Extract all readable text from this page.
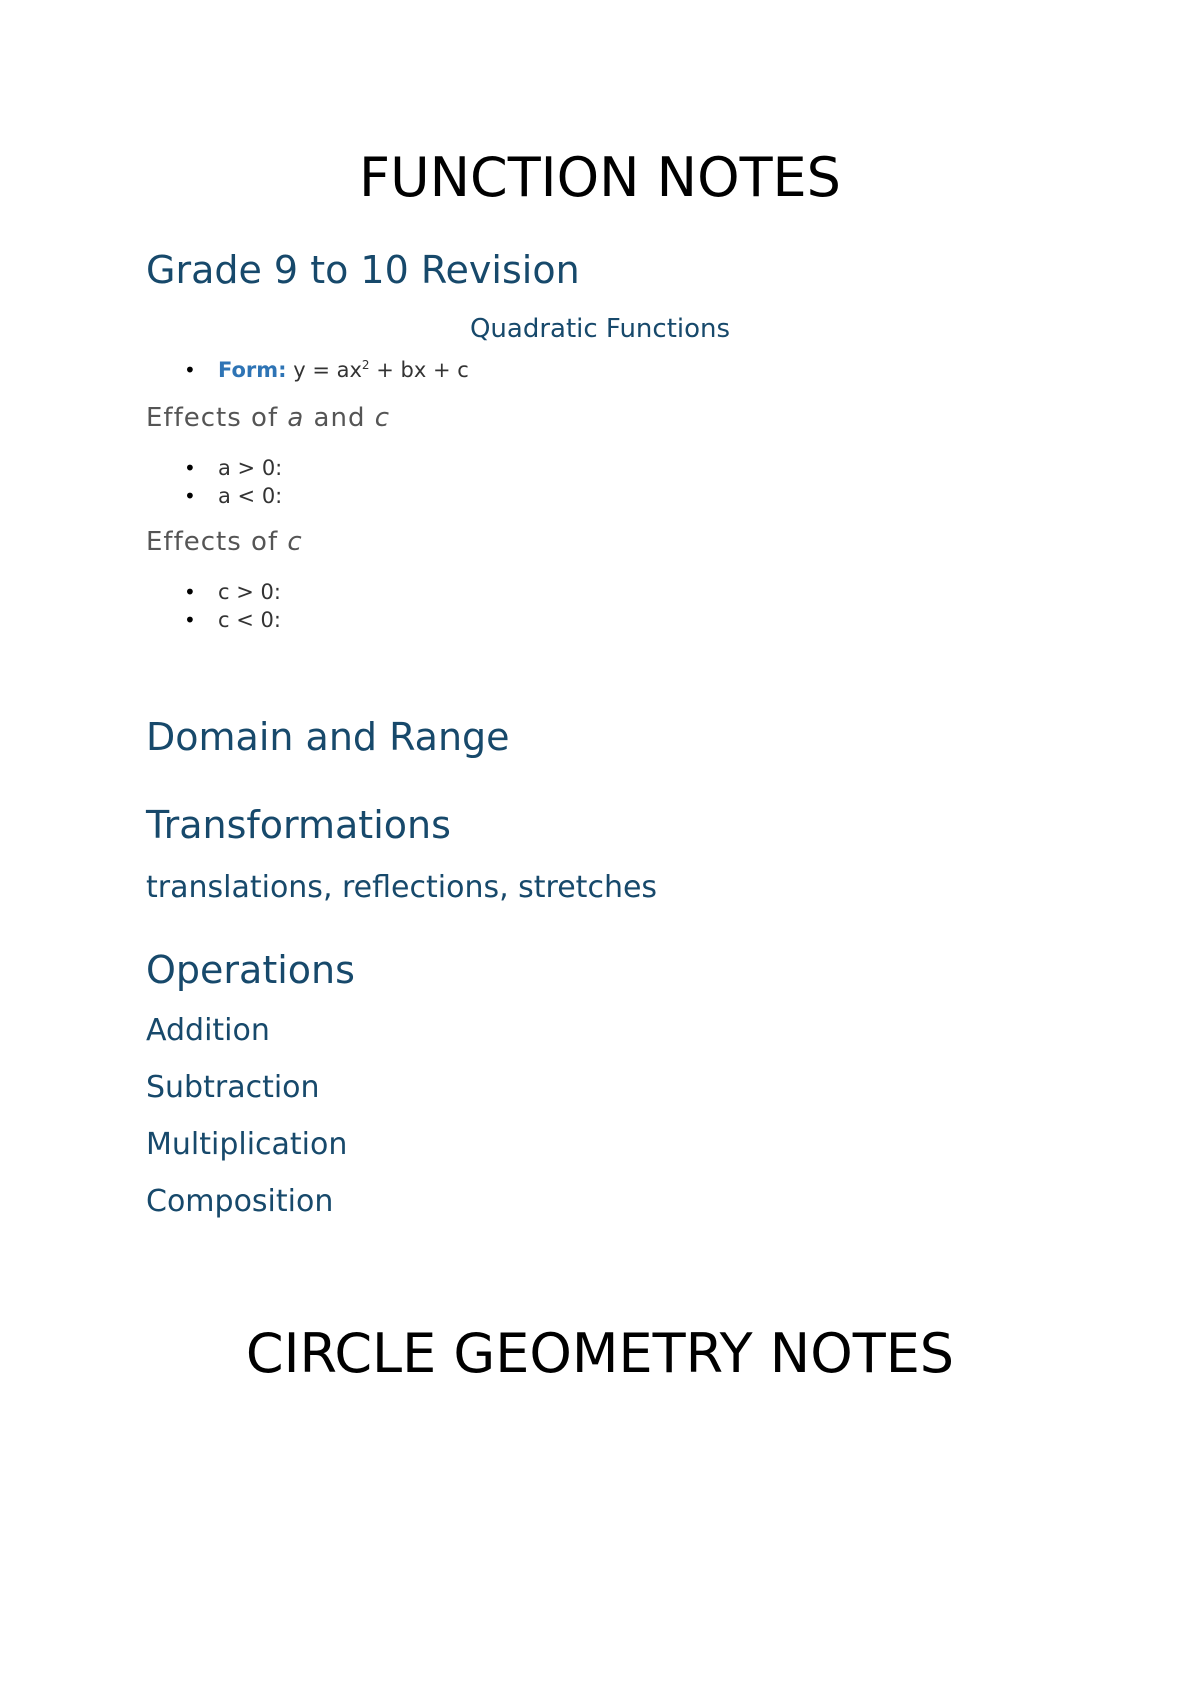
FUNCTION NOTES
Grade 9 to 10 Revision
Quadratic Functions
• Form: $y = ax^2$ + bx + c
Effects of a and c
• a > 0:
• a < 0:
Effects of c
• c > 0:
• c < 0:
Domain and Range
Transformations
translations, reflections, stretches
Operations
Addition
Subtraction
Multiplication
Composition
CIRCLE GEOMETRY NOTES
